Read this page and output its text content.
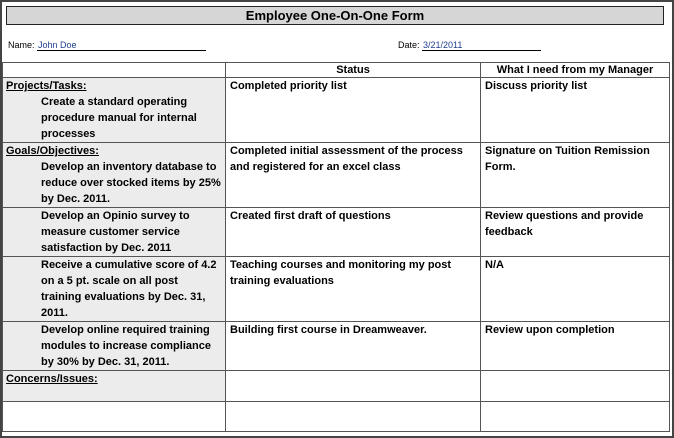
Employee One-On-One Form
Name: John Doe	Date: 3/21/2011
	Status	What I need from my Manager

Projects/Tasks:
Create a standard operating procedure manual for internal processes	Completed priority list	Discuss priority list

Goals/Objectives:
Develop an inventory database to reduce over stocked items by 25% by Dec. 2011.	Completed initial assessment of the process and registered for an excel class	Signature on Tuition Remission Form.

Develop an Opinio survey to measure customer service satisfaction by Dec. 2011	Created first draft of questions	Review questions and provide feedback

Receive a cumulative score of 4.2 on a 5 pt. scale on all post training evaluations by Dec. 31, 2011.	Teaching courses and monitoring my post training evaluations	N/A

Develop online required training modules to increase compliance by 30% by Dec. 31, 2011.	Building first course in Dreamweaver.	Review upon completion

Concerns/Issues:		
